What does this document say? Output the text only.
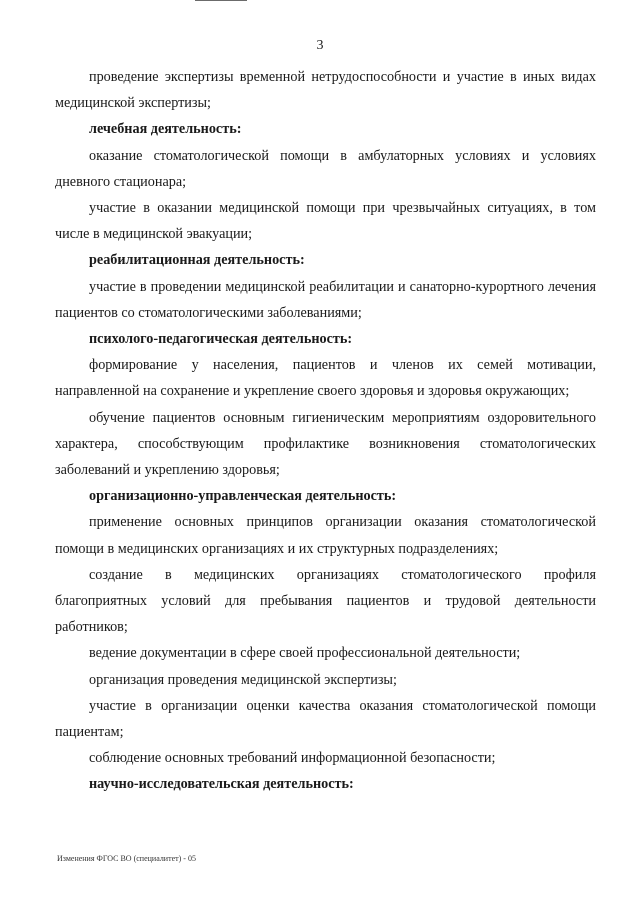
3

проведение экспертизы временной нетрудоспособности и участие в иных видах медицинской экспертизы;

лечебная деятельность:

оказание стоматологической помощи в амбулаторных условиях и условиях дневного стационара;

участие в оказании медицинской помощи при чрезвычайных ситуациях, в том числе в медицинской эвакуации;

реабилитационная деятельность:

участие в проведении медицинской реабилитации и санаторно-курортного лечения пациентов со стоматологическими заболеваниями;

психолого-педагогическая деятельность:

формирование у населения, пациентов и членов их семей мотивации, направленной на сохранение и укрепление своего здоровья и здоровья окружающих;

обучение пациентов основным гигиеническим мероприятиям оздоровительного характера, способствующим профилактике возникновения стоматологических заболеваний и укреплению здоровья;

организационно-управленческая деятельность:

применение основных принципов организации оказания стоматологической помощи в медицинских организациях и их структурных подразделениях;

создание в медицинских организациях стоматологического профиля благоприятных условий для пребывания пациентов и трудовой деятельности работников;

ведение документации в сфере своей профессиональной деятельности;

организация проведения медицинской экспертизы;

участие в организации оценки качества оказания стоматологической помощи пациентам;

соблюдение основных требований информационной безопасности;

научно-исследовательская деятельность:

Изменения ФГОС ВО (специалитет) - 05
